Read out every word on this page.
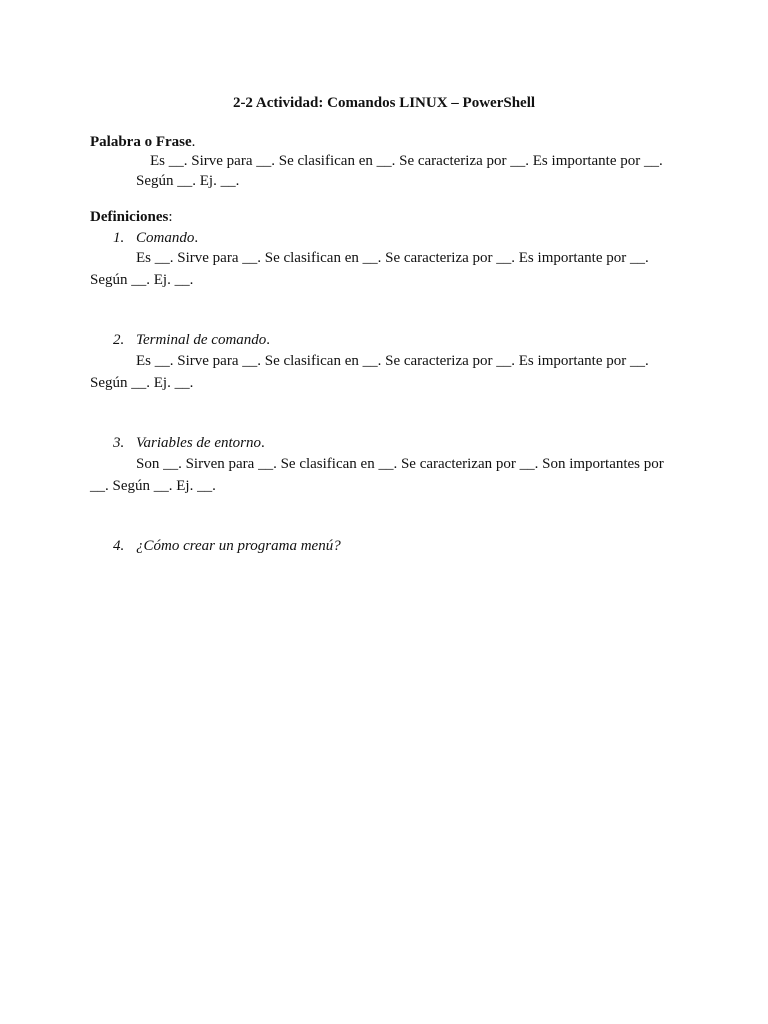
2-2 Actividad: Comandos LINUX – PowerShell
Palabra o Frase.
Es __. Sirve para __. Se clasifican en __. Se caracteriza por __. Es importante por __.
Según __. Ej. __.
Definiciones:
1. Comando.
Es __. Sirve para __. Se clasifican en __. Se caracteriza por __. Es importante por __.
Según __. Ej. __.
2. Terminal de comando.
Es __. Sirve para __. Se clasifican en __. Se caracteriza por __. Es importante por __.
Según __. Ej. __.
3. Variables de entorno.
Son __. Sirven para __. Se clasifican en __. Se caracterizan por __. Son importantes por
__. Según __. Ej. __.
4. ¿Cómo crear un programa menú?
